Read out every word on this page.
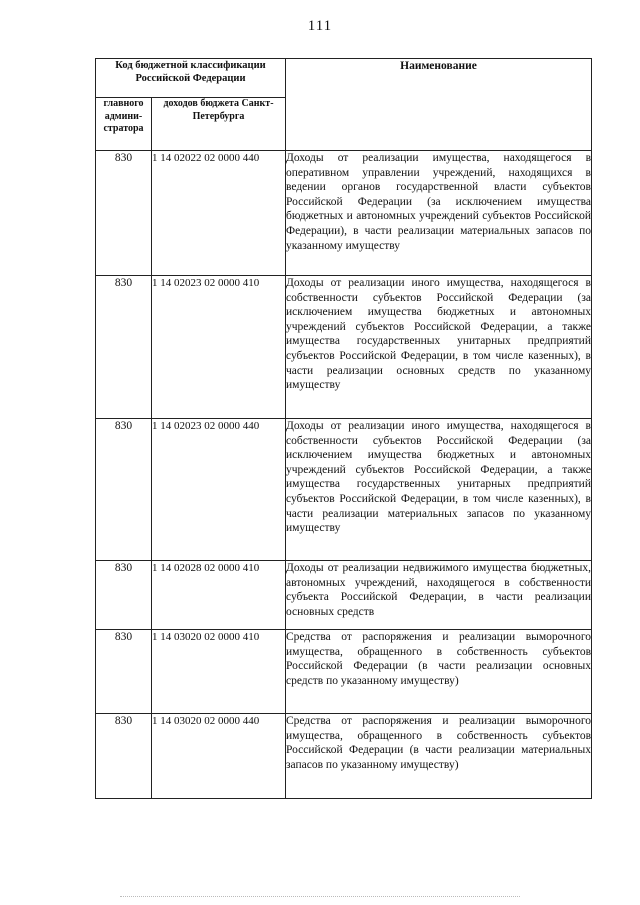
111
Код бюджетной классификации Российской Федерации		Наименование
главного админи-стратора	доходов бюджета Санкт-Петербурга	
830	1 14 02022 02 0000 440	Доходы от реализации имущества, находящегося в оперативном управлении учреждений, находящихся в ведении органов государственной власти субъектов Российской Федерации (за исключением имущества бюджетных и автономных учреждений субъектов Российской Федерации), в части реализации материальных запасов по указанному имуществу
830	1 14 02023 02 0000 410	Доходы от реализации иного имущества, находящегося в собственности субъектов Российской Федерации (за исключением имущества бюджетных и автономных учреждений субъектов Российской Федерации, а также имущества государственных унитарных предприятий субъектов Российской Федерации, в том числе казенных), в части реализации основных средств по указанному имуществу
830	1 14 02023 02 0000 440	Доходы от реализации иного имущества, находящегося в собственности субъектов Российской Федерации (за исключением имущества бюджетных и автономных учреждений субъектов Российской Федерации, а также имущества государственных унитарных предприятий субъектов Российской Федерации, в том числе казенных), в части реализации материальных запасов по указанному имуществу
830	1 14 02028 02 0000 410	Доходы от реализации недвижимого имущества бюджетных, автономных учреждений, находящегося в собственности субъекта Российской Федерации, в части реализации основных средств
830	1 14 03020 02 0000 410	Средства от распоряжения и реализации выморочного имущества, обращенного в собственность субъектов Российской Федерации (в части реализации основных средств по указанному имуществу)
830	1 14 03020 02 0000 440	Средства от распоряжения и реализации выморочного имущества, обращенного в собственность субъектов Российской Федерации (в части реализации материальных запасов по указанному имуществу)
